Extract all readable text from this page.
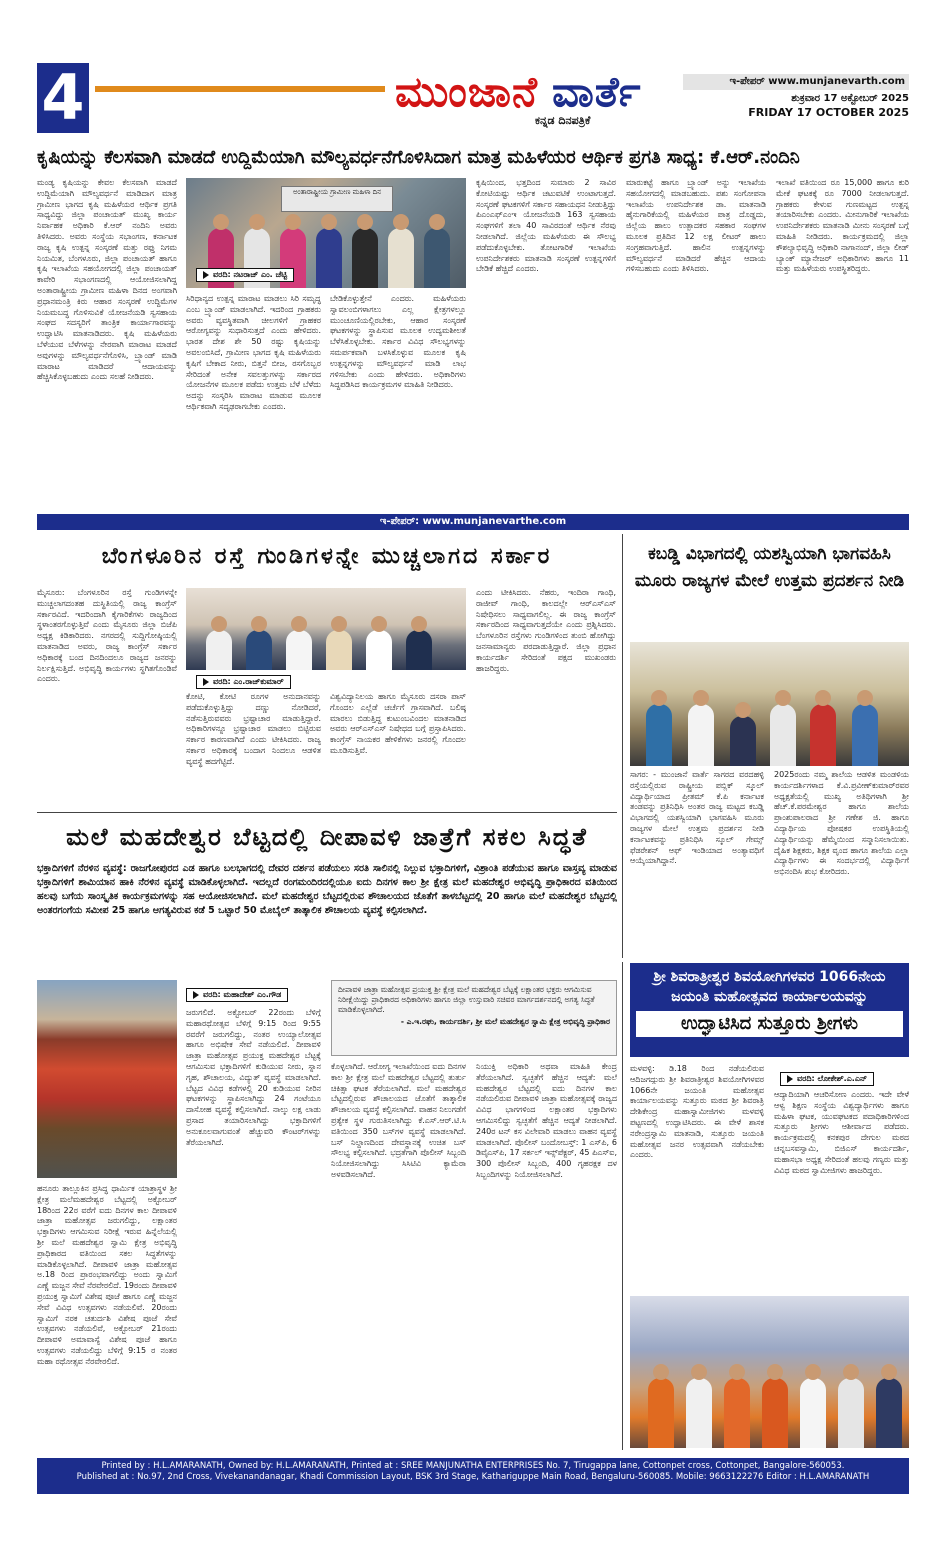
4	ಮುಂಜಾನೆ ವಾರ್ತೆ
ಕನ್ನಡ ದಿನಪತ್ರಿಕೆ
ಇ-ಪೇಪರ್ www.munjanevarth.com
ಶುಕ್ರವಾರ 17 ಅಕ್ಟೋಬರ್ 2025
FRIDAY 17 OCTOBER 2025
ಕೃಷಿಯನ್ನು ಕೆಲಸವಾಗಿ ಮಾಡದೆ ಉದ್ದಿಮೆಯಾಗಿ ಮೌಲ್ಯವರ್ಧನೆಗೊಳಿಸಿದಾಗ ಮಾತ್ರ ಮಹಿಳೆಯರ ಆರ್ಥಿಕ ಪ್ರಗತಿ ಸಾಧ್ಯ: ಕೆ.ಆರ್.ನಂದಿನಿ
ಮಂಡ್ಯ ಕೃಷಿಯನ್ನು ಕೇವಲ ಕೆಲಸವಾಗಿ ಮಾಡದೆ ಉದ್ದಿಮೆಯಾಗಿ ಮೌಲ್ಯವರ್ಧನೆ ಮಾಡಿದಾಗ ಮಾತ್ರ ಗ್ರಾಮೀಣ ಭಾಗದ ಕೃಷಿ ಮಹಿಳೆಯರ ಆರ್ಥಿಕ ಪ್ರಗತಿ ಸಾಧ್ಯವಿದ್ದು ಜಿಲ್ಲಾ ಪಂಚಾಯತ್ ಮುಖ್ಯ ಕಾರ್ಯ ನಿರ್ವಾಹಕ ಅಧಿಕಾರಿ ಕೆ.ಆರ್ ನಂದಿನಿ ಅವರು ತಿಳಿಸಿದರು. ಅವರು ಸಂಸ್ಥೆಯ ಸಭಾಂಗಣ, ಕರ್ನಾಟಕ ರಾಜ್ಯ ಕೃಷಿ ಉತ್ಪನ್ನ ಸಂಸ್ಕರಣೆ ಮತ್ತು ರಫ್ತು ನಿಗಮ ನಿಯಮಿತ, ಬೆಂಗಳೂರು, ಜಿಲ್ಲಾ ಪಂಚಾಯತ್ ಹಾಗೂ ಕೃಷಿ ಇಲಾಖೆಯ ಸಹಯೋಗದಲ್ಲಿ ಜಿಲ್ಲಾ ಪಂಚಾಯತ್ ಕಾವೇರಿ ಸಭಾಂಗಣದಲ್ಲಿ ಆಯೋಜಿಸಲಾಗಿದ್ದ ಅಂತಾರಾಷ್ಟ್ರೀಯ ಗ್ರಾಮೀಣ ಮಹಿಳಾ ದಿನದ ಅಂಗವಾಗಿ ಪ್ರಧಾನಮಂತ್ರಿ ಕಿರು ಆಹಾರ ಸಂಸ್ಕರಣೆ ಉದ್ದಿಮೆಗಳ ನಿಯಮಬದ್ಧ ಗೊಳಿಸುವಿಕೆ ಯೋಜನೆಯಡಿ ಸ್ವಸಹಾಯ ಸಂಘದ ಸದಸ್ಯರಿಗೆ ತಾಂತ್ರಿಕ ಕಾರ್ಯಾಗಾರವನ್ನು ಉದ್ಘಾಟಿಸಿ ಮಾತನಾಡಿದರು. ಕೃಷಿ ಮಹಿಳೆಯರು ಬೆಳೆಯುವ ಬೆಳೆಗಳನ್ನು ನೇರವಾಗಿ ಮಾರಾಟ ಮಾಡದೆ ಅವುಗಳನ್ನು ಮೌಲ್ಯವರ್ಧನೆಗೊಳಿಸಿ, ಬ್ರ್ಯಾಂಡ್ ಮಾಡಿ ಮಾರಾಟ ಮಾಡಿದರೆ ಆದಾಯವನ್ನು ಹೆಚ್ಚಿಸಿಕೊಳ್ಳಬಹುದು ಎಂದು ಸಲಹೆ ನೀಡಿದರು.
ಅಂತಾರಾಷ್ಟ್ರೀಯ ಗ್ರಾಮೀಣ ಮಹಿಳಾ ದಿನ
ವರದಿ: ನಟರಾಜ್ ಎಂ. ಚೆಟ್ಟಿ
ಸಿರಿಧಾನ್ಯದ ಉತ್ಪನ್ನ ಮಾರಾಟ ಮಾಡಲು ಸಿರಿ ಸಮೃದ್ಧ ಎಂಬ ಬ್ರ್ಯಾಂಡ್ ಮಾಡಲಾಗಿದೆ. ಇದರಿಂದ ಗ್ರಾಹಕರು ಅವರು ವ್ಯವಸ್ಥಿತವಾಗಿ ಚೀಲಗಳಿಗೆ ಗ್ರಾಹಕರ ಆರೋಗ್ಯವನ್ನು ಸುಧಾರಿಸುತ್ತದೆ ಎಂದು ಹೇಳಿದರು. ಭಾರತ ದೇಶ ಶೇ 50 ರಷ್ಟು ಕೃಷಿಯನ್ನು ಅವಲಂಬಿಸಿದೆ, ಗ್ರಾಮೀಣ ಭಾಗದ ಕೃಷಿ ಮಹಿಳೆಯರು ಕೃಷಿಗೆ ಬೇಕಾದ ನೀರು, ಬಿತ್ತನೆ ಬೀಜ, ರಸಗೊಬ್ಬರ ಸೇರಿದಂತೆ ಅನೇಕ ಸವಲತ್ತುಗಳನ್ನು ಸರ್ಕಾರದ ಯೋಜನೆಗಳ ಮೂಲಕ ಪಡೆದು ಉತ್ತಮ ಬೆಳೆ ಬೆಳೆದು ಅದನ್ನು ಸಂಸ್ಕರಿಸಿ ಮಾರಾಟ ಮಾಡುವ ಮೂಲಕ ಆರ್ಥಿಕವಾಗಿ ಸದೃಢರಾಗಬೇಕು ಎಂದರು.
ಬೇಡಿಕೊಳ್ಳುತ್ತೇನೆ ಎಂದರು. ಮಹಿಳೆಯರು ಸ್ವಾವಲಂಬಿಗಳಾಗಲು ಎಲ್ಲ ಕ್ಷೇತ್ರಗಳಲ್ಲೂ ಮುಂಚೂಣಿಯಲ್ಲಿರಬೇಕು, ಆಹಾರ ಸಂಸ್ಕರಣೆ ಘಟಕಗಳನ್ನು ಸ್ಥಾಪಿಸುವ ಮೂಲಕ ಉದ್ಯಮಶೀಲತೆ ಬೆಳೆಸಿಕೊಳ್ಳಬೇಕು. ಸರ್ಕಾರ ವಿವಿಧ ಸೌಲಭ್ಯಗಳನ್ನು ಸಮರ್ಪಕವಾಗಿ ಬಳಸಿಕೊಳ್ಳುವ ಮೂಲಕ ಕೃಷಿ ಉತ್ಪನ್ನಗಳನ್ನು ಮೌಲ್ಯವರ್ಧನೆ ಮಾಡಿ ಲಾಭ ಗಳಿಸಬೇಕು ಎಂದು ಹೇಳಿದರು. ಅಧಿಕಾರಿಗಳು ಸಿದ್ದಪಡಿಸಿದ ಕಾರ್ಯಕ್ರಮಗಳ ಮಾಹಿತಿ ನೀಡಿದರು.
ಕೃಷಿಯಿಂದ, ಭತ್ತದಿಂದ ಸುಮಾರು 2 ಸಾವಿರ ಕೋಟಿಯಷ್ಟು ಆರ್ಥಿಕ ಚಟುವಟಿಕೆ ಉಂಟಾಗುತ್ತದೆ. ಸಂಸ್ಕರಣೆ ಘಟಕಗಳಿಗೆ ಸರ್ಕಾರ ಸಹಾಯಧನ ನೀಡುತ್ತಿದ್ದು ಪಿಎಂಎಫ್‌ಎಂಇ ಯೋಜನೆಯಡಿ 163 ಸ್ವಸಹಾಯ ಸಂಘಗಳಿಗೆ ತಲಾ 40 ಸಾವಿರದಂತೆ ಆರ್ಥಿಕ ನೆರವು ನೀಡಲಾಗಿದೆ. ಜಿಲ್ಲೆಯ ಮಹಿಳೆಯರು ಈ ಸೌಲಭ್ಯ ಪಡೆದುಕೊಳ್ಳಬೇಕು. ತೋಟಗಾರಿಕೆ ಇಲಾಖೆಯ ಉಪನಿರ್ದೇಶಕರು ಮಾತನಾಡಿ ಸಂಸ್ಕರಣೆ ಉತ್ಪನ್ನಗಳಿಗೆ ಬೇಡಿಕೆ ಹೆಚ್ಚಿದೆ ಎಂದರು.
ಮಾರುಕಟ್ಟೆ ಹಾಗೂ ಬ್ರ್ಯಾಂಡ್ ಅನ್ನು ಇಲಾಖೆಯ ಸಹಯೋಗದಲ್ಲಿ ಮಾಡಬಹುದು. ಪಶು ಸಂಗೋಪನಾ ಇಲಾಖೆಯ ಉಪನಿರ್ದೇಶಕ ಡಾ. ಮಾತನಾಡಿ ಹೈನುಗಾರಿಕೆಯಲ್ಲಿ ಮಹಿಳೆಯರ ಪಾತ್ರ ದೊಡ್ಡದು, ಜಿಲ್ಲೆಯ ಹಾಲು ಉತ್ಪಾದಕರ ಸಹಕಾರ ಸಂಘಗಳ ಮೂಲಕ ಪ್ರತಿದಿನ 12 ಲಕ್ಷ ಲೀಟರ್ ಹಾಲು ಸಂಗ್ರಹವಾಗುತ್ತಿದೆ. ಹಾಲಿನ ಉತ್ಪನ್ನಗಳನ್ನು ಮೌಲ್ಯವರ್ಧನೆ ಮಾಡಿದರೆ ಹೆಚ್ಚಿನ ಆದಾಯ ಗಳಿಸಬಹುದು ಎಂದು ತಿಳಿಸಿದರು.
ಇಲಾಖೆ ವತಿಯಿಂದ ರೂ 15,000 ಹಾಗೂ ಕುರಿ ಮೇಕೆ ಘಟಕಕ್ಕೆ ರೂ 7000 ನೀಡಲಾಗುತ್ತದೆ. ಗ್ರಾಹಕರು ಕೇಳುವ ಗುಣಮಟ್ಟದ ಉತ್ಪನ್ನ ತಯಾರಿಸಬೇಕು ಎಂದರು. ಮೀನುಗಾರಿಕೆ ಇಲಾಖೆಯ ಉಪನಿರ್ದೇಶಕರು ಮಾತನಾಡಿ ಮೀನು ಸಂಸ್ಕರಣೆ ಬಗ್ಗೆ ಮಾಹಿತಿ ನೀಡಿದರು. ಕಾರ್ಯಕ್ರಮದಲ್ಲಿ ಜಿಲ್ಲಾ ಕೌಶಲ್ಯಾಭಿವೃದ್ಧಿ ಅಧಿಕಾರಿ ನಾಗಾನಂದ್, ಜಿಲ್ಲಾ ಲೀಡ್ ಬ್ಯಾಂಕ್ ಮ್ಯಾನೇಜರ್ ಅಧಿಕಾರಿಗಳು ಹಾಗೂ 11 ಮತ್ತು ಮಹಿಳೆಯರು ಉಪಸ್ಥಿತರಿದ್ದರು.
ಇ-ಪೇಪರ್: www.munjanevarthe.com
ಬೆಂಗಳೂರಿನ ರಸ್ತೆ ಗುಂಡಿಗಳನ್ನೇ ಮುಚ್ಚಲಾಗದ ಸರ್ಕಾರ
ಮೈಸೂರು: ಬೆಂಗಳೂರಿನ ರಸ್ತೆ ಗುಂಡಿಗಳನ್ನೇ ಮುಚ್ಚಲಾಗದಂತಹ ದುಸ್ಥಿತಿಯಲ್ಲಿ ರಾಜ್ಯ ಕಾಂಗ್ರೆಸ್ ಸರ್ಕಾರವಿದೆ. ಇದರಿಂದಾಗಿ ಕೈಗಾರಿಕೆಗಳು ರಾಜ್ಯದಿಂದ ಸ್ಥಳಾಂತರಗೊಳ್ಳುತ್ತಿವೆ ಎಂದು ಮೈಸೂರು ಜಿಲ್ಲಾ ಬಿಜೆಪಿ ಅಧ್ಯಕ್ಷ ಕಿಡಿಕಾರಿದರು. ನಗರದಲ್ಲಿ ಸುದ್ದಿಗೋಷ್ಠಿಯಲ್ಲಿ ಮಾತನಾಡಿದ ಅವರು, ರಾಜ್ಯ ಕಾಂಗ್ರೆಸ್ ಸರ್ಕಾರ ಅಧಿಕಾರಕ್ಕೆ ಬಂದ ದಿನದಿಂದಲೂ ರಾಜ್ಯದ ಜನರನ್ನು ನಿರ್ಲಕ್ಷಿಸುತ್ತಿದೆ. ಅಭಿವೃದ್ಧಿ ಕಾರ್ಯಗಳು ಸ್ಥಗಿತಗೊಂಡಿವೆ ಎಂದರು.	ವರದಿ: ಎಂ.ರಾಜ್‌ಕುಮಾರ್
ಕೋಟಿ, ಕೋಟಿ ರೂಗಳ ಅನುದಾನವನ್ನು ಪಡೆದುಕೊಳ್ಳುತ್ತಿದ್ದು ದಣ್ಣು ನೋಡಿದರೆ, ನಡೆಸುತ್ತಿರುವವರು ಭ್ರಷ್ಟಾಚಾರ ಮಾಡುತ್ತಿದ್ದಾರೆ. ಅಧಿಕಾರಿಗಳನ್ನೂ ಭ್ರಷ್ಟಾಚಾರ ಮಾಡಲು ಬಿಟ್ಟಿರುವ ಸರ್ಕಾರ ಕಾರಣವಾಗಿದೆ ಎಂದು ಟೀಕಿಸಿದರು. ರಾಜ್ಯ ಸರ್ಕಾರ ಅಧಿಕಾರಕ್ಕೆ ಬಂದಾಗ ನಿಂದಲೂ ಆಡಳಿತ ವ್ಯವಸ್ಥೆ ಹದಗೆಟ್ಟಿದೆ.
ವಿಶ್ವವಿದ್ಯಾನಿಲಯ ಹಾಗೂ ಮೈಸೂರು ದಸರಾ ಪಾಸ್ ಗೊಂದಲ ಎಲ್ಲೆಡೆ ಚರ್ಚೆಗೆ ಗ್ರಾಸವಾಗಿದೆ. ಬಲಿಷ್ಠ ಮಾರಲು ಬಿಡುತ್ತಿದ್ದ ಕುಟುಂಬವಿಂದಲ ಮಾತನಾಡಿದ ಅವರು ಆರ್‌ಎಸ್‌ಎಸ್ ನಿಷೇಧದ ಬಗ್ಗೆ ಪ್ರಸ್ತಾಪಿಸಿದರು. ಕಾಂಗ್ರೆಸ್ ನಾಯಕರ ಹೇಳಿಕೆಗಳು ಜನರಲ್ಲಿ ಗೊಂದಲ ಮೂಡಿಸುತ್ತಿವೆ.
ಎಂದು ಟೀಕಿಸಿದರು. ನೆಹರು, ಇಂದಿರಾ ಗಾಂಧಿ, ರಾಜೀವ್ ಗಾಂಧಿ, ಕಾಲದಲ್ಲೇ ಆರ್‌ಎಸ್‌ಎಸ್ ನಿಷೇಧಿಸಲು ಸಾಧ್ಯವಾಗಲಿಲ್ಲ. ಈ ರಾಜ್ಯ ಕಾಂಗ್ರೆಸ್ ಸರ್ಕಾರದಿಂದ ಸಾಧ್ಯವಾಗುತ್ತದೆಯೇ ಎಂದು ಪ್ರಶ್ನಿಸಿದರು. ಬೆಂಗಳೂರಿನ ರಸ್ತೆಗಳು ಗುಂಡಿಗಳಿಂದ ತುಂಬಿ ಹೋಗಿದ್ದು ಜನಸಾಮಾನ್ಯರು ಪರದಾಡುತ್ತಿದ್ದಾರೆ. ಜಿಲ್ಲಾ ಪ್ರಧಾನ ಕಾರ್ಯದರ್ಶಿ ಸೇರಿದಂತೆ ಪಕ್ಷದ ಮುಖಂಡರು ಹಾಜರಿದ್ದರು.
ಕಬಡ್ಡಿ ವಿಭಾಗದಲ್ಲಿ ಯಶಸ್ವಿಯಾಗಿ ಭಾಗವಹಿಸಿ ಮೂರು ರಾಜ್ಯಗಳ ಮೇಲೆ ಉತ್ತಮ ಪ್ರದರ್ಶನ ನೀಡಿ
ಸಾಗರ: - ಮುಂಜಾನೆ ವಾರ್ತೆ ಸಾಗರದ ವರದಹಳ್ಳಿ ರಸ್ತೆಯಲ್ಲಿರುವ ರಾಷ್ಟ್ರೀಯ ಪಬ್ಲಿಕ್ ಸ್ಕೂಲ್ ವಿದ್ಯಾರ್ಥಿಯಾದ ಪ್ರೀತಮ್ ಕೆ.ಪಿ ಕರ್ನಾಟಕ ತಂಡವನ್ನು ಪ್ರತಿನಿಧಿಸಿ ಅಂತರ ರಾಜ್ಯ ಮಟ್ಟದ ಕಬಡ್ಡಿ ವಿಭಾಗದಲ್ಲಿ ಯಶಸ್ವಿಯಾಗಿ ಭಾಗವಹಿಸಿ ಮೂರು ರಾಜ್ಯಗಳ ಮೇಲೆ ಉತ್ತಮ ಪ್ರದರ್ಶನ ನೀಡಿ ಕರ್ನಾಟಕವನ್ನು ಪ್ರತಿನಿಧಿಸಿ ಸ್ಕೂಲ್ ಗೇಮ್ಸ್ ಫೆಡರೇಶನ್ ಆಫ್ ಇಂಡಿಯಾದ ಅಂತ್ಯಾವಧಿಗೆ ಆಯ್ಕೆಯಾಗಿದ್ದಾನೆ.
2025ರಂದು ನಮ್ಮ ಶಾಲೆಯ ಆಡಳಿತ ಮಂಡಳಿಯ ಕಾರ್ಯದರ್ಶಿಗಳಾದ ಕೆ.ವಿ.ಪ್ರವೀಣ್‌ಕುಮಾರ್‌ರವರ ಅಧ್ಯಕ್ಷತೆಯಲ್ಲಿ ಮುಖ್ಯ ಅತಿಥಿಗಳಾಗಿ ಶ್ರೀ ಹೆಚ್.ಕೆ.ಪರಮೇಶ್ವರ ಹಾಗೂ ಶಾಲೆಯ ಪ್ರಾಂಶುಪಾಲರಾದ ಶ್ರೀ ಗಣೇಶ ಜಿ. ಹಾಗೂ ವಿದ್ಯಾರ್ಥಿಯ ಪೋಷಕರ ಉಪಸ್ಥಿತಿಯಲ್ಲಿ ವಿದ್ಯಾರ್ಥಿಯನ್ನು ಹೆಮ್ಮೆಯಿಂದ ಸನ್ಮಾನಿಸಲಾಯಿತು. ದೈಹಿಕ ಶಿಕ್ಷಕರು, ಶಿಕ್ಷಕ ವೃಂದ ಹಾಗೂ ಶಾಲೆಯ ಎಲ್ಲಾ ವಿದ್ಯಾರ್ಥಿಗಳು ಈ ಸಂದರ್ಭದಲ್ಲಿ ವಿದ್ಯಾರ್ಥಿಗೆ ಅಭಿನಂದಿಸಿ ಶುಭ ಕೋರಿದರು.
ಮಲೆ ಮಹದೇಶ್ವರ ಬೆಟ್ಟದಲ್ಲಿ ದೀಪಾವಳಿ ಜಾತ್ರೆಗೆ ಸಕಲ ಸಿದ್ಧತೆ
ಭಕ್ತಾದಿಗಳಿಗೆ ನೆರಳಿನ ವ್ಯವಸ್ಥೆ: ರಾಜಗೋಪುರದ ಎಡ ಹಾಗೂ ಬಲಭಾಗದಲ್ಲಿ ದೇವರ ದರ್ಶನ ಪಡೆಯಲು ಸರತಿ ಸಾಲಿನಲ್ಲಿ ನಿಲ್ಲುವ ಭಕ್ತಾದಿಗಳಿಗೆ, ವಿಶ್ರಾಂತಿ ಪಡೆಯುವ ಹಾಗೂ ವಾಸ್ತವ್ಯ ಮಾಡುವ ಭಕ್ತಾದಿಗಳಿಗೆ ಶಾಮಿಯಾನ ಹಾಕಿ ನೆರಳಿನ ವ್ಯವಸ್ಥೆ ಮಾಡಿಕೊಳ್ಳಲಾಗಿದೆ. ಇದಲ್ಲದೆ ರಂಗಮಂದಿರದಲ್ಲಿಯೂ ಐದು ದಿನಗಳ ಕಾಲ ಶ್ರೀ ಕ್ಷೇತ್ರ ಮಲೆ ಮಹದೇಶ್ವರ ಅಭಿವೃದ್ಧಿ ಪ್ರಾಧಿಕಾರದ ವತಿಯಿಂದ ಹಲವು ಬಗೆಯ ಸಾಂಸ್ಕೃತಿಕ ಕಾರ್ಯಕ್ರಮಗಳನ್ನು ಸಹ ಆಯೋಜಿಸಲಾಗಿದೆ. ಮಲೆ ಮಹದೇಶ್ವರ ಬೆಟ್ಟದಲ್ಲಿರುವ ಶೌಚಾಲಯದ ಜೊತೆಗೆ ತಾಳಬೆಟ್ಟದಲ್ಲಿ 20 ಹಾಗೂ ಮಲೆ ಮಹದೇಶ್ವರ ಬೆಟ್ಟದಲ್ಲಿ ಅಂತರಗಂಗೆಯ ಸಮೀಪ 25 ಹಾಗೂ ಆಗತ್ಯವಿರುವ ಕಡೆ 5 ಒಟ್ಟಾರೆ 50 ಮೊಬೈಲ್ ತಾತ್ಕಾಲಿಕ ಶೌಚಾಲಯ ವ್ಯವಸ್ಥೆ ಕಲ್ಪಿಸಲಾಗಿದೆ.
ಹನೂರು ತಾಲ್ಲೂಕಿನ ಪ್ರಸಿದ್ಧ ಧಾರ್ಮಿಕ ಯಾತ್ರಾಸ್ಥಳ ಶ್ರೀ ಕ್ಷೇತ್ರ ಮಲೆಮಹದೇಶ್ವರ ಬೆಟ್ಟದಲ್ಲಿ ಅಕ್ಟೋಬರ್ 18ರಿಂದ 22ರ ವರೆಗೆ ಐದು ದಿನಗಳ ಕಾಲ ದೀಪಾವಳಿ ಜಾತ್ರಾ ಮಹೋತ್ಸವ ಜರುಗಲಿದ್ದು, ಲಕ್ಷಾಂತರ ಭಕ್ತಾದಿಗಳು ಆಗಮಿಸುವ ನಿರೀಕ್ಷೆ ಇರುವ ಹಿನ್ನೆಲೆಯಲ್ಲಿ ಶ್ರೀ ಮಲೆ ಮಹದೇಶ್ವರ ಸ್ವಾಮಿ ಕ್ಷೇತ್ರ ಅಭಿವೃದ್ಧಿ ಪ್ರಾಧಿಕಾರದ ವತಿಯಿಂದ ಸಕಲ ಸಿದ್ಧತೆಗಳನ್ನು ಮಾಡಿಕೊಳ್ಳಲಾಗಿದೆ. ದೀಪಾವಳಿ ಜಾತ್ರಾ ಮಹೋತ್ಸವ ಅ.18 ರಿಂದ ಪ್ರಾರಂಭವಾಗಲಿದ್ದು ಅಂದು ಸ್ವಾಮಿಗೆ ಎಣ್ಣೆ ಮಜ್ಜನ ಸೇವೆ ನೆರವೇರಲಿದೆ. 19ರಂದು ದೀಪಾವಳಿ ಪ್ರಯುಕ್ತ ಸ್ವಾಮಿಗೆ ವಿಶೇಷ ಪೂಜೆ ಹಾಗೂ ಎಣ್ಣೆ ಮಜ್ಜನ ಸೇವೆ ವಿವಿಧ ಉತ್ಸವಗಳು ನಡೆಯಲಿವೆ. 20ರಂದು ಸ್ವಾಮಿಗೆ ನರಕ ಚತುರ್ದಶಿ ವಿಶೇಷ ಪೂಜೆ ಸೇವೆ ಉತ್ಸವಗಳು ನಡೆಯಲಿವೆ, ಅಕ್ಟೋಬರ್ 21ರಂದು ದೀಪಾವಳಿ ಅಮಾವಾಸ್ಯೆ ವಿಶೇಷ ಪೂಜೆ ಹಾಗೂ ಉತ್ಸವಗಳು ನಡೆಯಲಿದ್ದು ಬೆಳಿಗ್ಗೆ 9:15 ರ ನಂತರ ಮಹಾ ರಥೋತ್ಸವ ನೆರವೇರಲಿದೆ.
ದೀಪಾವಳಿ ಜಾತ್ರಾ ಮಹೋತ್ಸವ ಪ್ರಯುಕ್ತ ಶ್ರೀ ಕ್ಷೇತ್ರ ಮಲೆ ಮಹದೇಶ್ವರ ಬೆಟ್ಟಕ್ಕೆ ಲಕ್ಷಾಂತರ ಭಕ್ತರು ಆಗಮಿಸುವ ನಿರೀಕ್ಷೆಯಿದ್ದು ಪ್ರಾಧಿಕಾರದ ಅಧಿಕಾರಿಗಳು ಹಾಗೂ ಜಿಲ್ಲಾ ಉಸ್ತುವಾರಿ ಸಚಿವರ ಮಾರ್ಗದರ್ಶನದಲ್ಲಿ ಅಗತ್ಯ ಸಿದ್ಧತೆ ಮಾಡಿಕೊಳ್ಳಲಾಗಿದೆ.
- ಎ.ಇ.ರಘು, ಕಾರ್ಯದರ್ಶಿ, ಶ್ರೀ ಮಲೆ ಮಹದೇಶ್ವರ ಸ್ವಾಮಿ ಕ್ಷೇತ್ರ ಅಭಿವೃದ್ಧಿ ಪ್ರಾಧಿಕಾರ
ವರದಿ: ಮಹಾದೇಶ್ ಎಂ.ಗೌಡ
ಜರುಗಲಿದೆ. ಅಕ್ಟೋಬರ್ 22ರಂದು ಬೆಳಿಗ್ಗೆ ಮಹಾರಥೋತ್ಸವ ಬೆಳಿಗ್ಗೆ 9:15 ರಿಂದ 9:55 ರವರೆಗೆ ಜರುಗಲಿದ್ದು, ನಂತರ ಉಯ್ಯಾಲೋತ್ಸವ ಹಾಗೂ ಅಭಿಷೇಕ ಸೇವೆ ನಡೆಯಲಿದೆ. ದೀಪಾವಳಿ ಜಾತ್ರಾ ಮಹೋತ್ಸವ ಪ್ರಯುಕ್ತ ಮಹದೇಶ್ವರ ಬೆಟ್ಟಕ್ಕೆ ಆಗಮಿಸುವ ಭಕ್ತಾದಿಗಳಿಗೆ ಕುಡಿಯುವ ನೀರು, ಸ್ನಾನ ಗೃಹ, ಶೌಚಾಲಯ, ವಿದ್ಯುತ್ ವ್ಯವಸ್ಥೆ ಮಾಡಲಾಗಿದೆ. ಬೆಟ್ಟದ ವಿವಿಧ ಕಡೆಗಳಲ್ಲಿ 20 ಕುಡಿಯುವ ನೀರಿನ ಘಟಕಗಳನ್ನು ಸ್ಥಾಪಿಸಲಾಗಿದ್ದು 24 ಗಂಟೆಯೂ ದಾಸೋಹ ವ್ಯವಸ್ಥೆ ಕಲ್ಪಿಸಲಾಗಿದೆ. ನಾಲ್ಕು ಲಕ್ಷ ಲಾಡು ಪ್ರಸಾದ ತಯಾರಿಸಲಾಗಿದ್ದು ಭಕ್ತಾದಿಗಳಿಗೆ ಅನುಕೂಲವಾಗುವಂತೆ ಹೆಚ್ಚುವರಿ ಕೌಂಟರ್‌ಗಳನ್ನು ತೆರೆಯಲಾಗಿದೆ.
ಕೊಳ್ಳಲಾಗಿದೆ. ಆರೋಗ್ಯ ಇಲಾಖೆಯಿಂದ ಐದು ದಿನಗಳ ಕಾಲ ಶ್ರೀ ಕ್ಷೇತ್ರ ಮಲೆ ಮಹದೇಶ್ವರ ಬೆಟ್ಟದಲ್ಲಿ ತುರ್ತು ಚಿಕಿತ್ಸಾ ಘಟಕ ತೆರೆಯಲಾಗಿದೆ. ಮಲೆ ಮಹದೇಶ್ವರ ಬೆಟ್ಟದಲ್ಲಿರುವ ಶೌಚಾಲಯದ ಜೊತೆಗೆ ತಾತ್ಕಾಲಿಕ ಶೌಚಾಲಯ ವ್ಯವಸ್ಥೆ ಕಲ್ಪಿಸಲಾಗಿದೆ. ವಾಹನ ನಿಲುಗಡೆಗೆ ಪ್ರತ್ಯೇಕ ಸ್ಥಳ ಗುರುತಿಸಲಾಗಿದ್ದು ಕೆ.ಎಸ್.ಆರ್.ಟಿ.ಸಿ ವತಿಯಿಂದ 350 ಬಸ್‌ಗಳ ವ್ಯವಸ್ಥೆ ಮಾಡಲಾಗಿದೆ. ಬಸ್ ನಿಲ್ದಾಣದಿಂದ ದೇವಸ್ಥಾನಕ್ಕೆ ಉಚಿತ ಬಸ್ ಸೌಲಭ್ಯ ಕಲ್ಪಿಸಲಾಗಿದೆ. ಭದ್ರತೆಗಾಗಿ ಪೊಲೀಸ್ ಸಿಬ್ಬಂದಿ ನಿಯೋಜಿಸಲಾಗಿದ್ದು ಸಿಸಿಟಿವಿ ಕ್ಯಾಮೆರಾ ಅಳವಡಿಸಲಾಗಿದೆ.
ನಿಯುಕ್ತಿ ಅಧಿಕಾರಿ ಅಥವಾ ಮಾಹಿತಿ ಕೇಂದ್ರ ತೆರೆಯಲಾಗಿದೆ. ಸ್ವಚ್ಛತೆಗೆ ಹೆಚ್ಚಿನ ಆದ್ಯತೆ: ಮಲೆ ಮಹದೇಶ್ವರ ಬೆಟ್ಟದಲ್ಲಿ ಐದು ದಿನಗಳ ಕಾಲ ನಡೆಯಲಿರುವ ದೀಪಾವಳಿ ಜಾತ್ರಾ ಮಹೋತ್ಸವಕ್ಕೆ ರಾಜ್ಯದ ವಿವಿಧ ಭಾಗಗಳಿಂದ ಲಕ್ಷಾಂತರ ಭಕ್ತಾದಿಗಳು ಆಗಮಿಸಲಿದ್ದು ಸ್ವಚ್ಛತೆಗೆ ಹೆಚ್ಚಿನ ಆದ್ಯತೆ ನೀಡಲಾಗಿದೆ. 240ರ ಟನ್ ಕಸ ವಿಲೇವಾರಿ ಮಾಡಲು ವಾಹನ ವ್ಯವಸ್ಥೆ ಮಾಡಲಾಗಿದೆ. ಪೊಲೀಸ್ ಬಂದೋಬಸ್ತ್: 1 ಎಸ್‌ಪಿ, 6 ಡಿವೈಎಸ್‌ಪಿ, 17 ಸರ್ಕಲ್ ಇನ್ಸ್‌ಪೆಕ್ಟರ್, 45 ಪಿಎಸ್‌ಐ, 300 ಪೊಲೀಸ್ ಸಿಬ್ಬಂದಿ, 400 ಗೃಹರಕ್ಷಕ ದಳ ಸಿಬ್ಬಂದಿಗಳನ್ನು ನಿಯೋಜಿಸಲಾಗಿದೆ.
ಶ್ರೀ ಶಿವರಾತ್ರೀಶ್ವರ ಶಿವಯೋಗಿಗಳವರ 1066ನೇಯ
ಜಯಂತಿ ಮಹೋತ್ಸವದ ಕಾರ್ಯಾಲಯವನ್ನು
ಉದ್ಘಾಟಿಸಿದ ಸುತ್ತೂರು ಶ್ರೀಗಳು
ಮಳವಳ್ಳಿ: ಡಿ.18 ರಿಂದ ನಡೆಯಲಿರುವ ಆದಿಜಗದ್ಗುರು ಶ್ರೀ ಶಿವರಾತ್ರೀಶ್ವರ ಶಿವಯೋಗಿಗಳವರ 1066ನೇ ಜಯಂತಿ ಮಹೋತ್ಸವ ಕಾರ್ಯಾಲಯವನ್ನು ಸುತ್ತೂರು ಮಠದ ಶ್ರೀ ಶಿವರಾತ್ರಿ ದೇಶಿಕೇಂದ್ರ ಮಹಾಸ್ವಾಮೀಜಿಗಳು ಮಳವಳ್ಳಿ ಪಟ್ಟಣದಲ್ಲಿ ಉದ್ಘಾಟಿಸಿದರು. ಈ ವೇಳೆ ಶಾಸಕ ನರೇಂದ್ರಸ್ವಾಮಿ ಮಾತನಾಡಿ, ಸುತ್ತೂರು ಜಯಂತಿ ಮಹೋತ್ಸವ ಜನರ ಉತ್ಸವವಾಗಿ ನಡೆಯಬೇಕು ಎಂದರು.
ವರದಿ: ಲೋಕೇಶ್.ಎ.ಎನ್
ಆದ್ಯಾದಿಯಾಗಿ ಆಚರಿಸೋಣ ಎಂದರು. ಇದೇ ವೇಳೆ ಆಳ್ವ ಶಿಕ್ಷಣ ಸಂಸ್ಥೆಯ ವಿಶ್ವದ್ಯಾರ್ಥಿಗಳು ಹಾಗೂ ಮಹಿಳಾ ಘಟಕ, ಯುವಘಟಕದ ಪದಾಧಿಕಾರಿಗಳಿಂದ ಸುತ್ತೂರು ಶ್ರೀಗಳು ಆಶೀರ್ವಾದ ಪಡೆದರು. ಕಾರ್ಯಕ್ರಮದಲ್ಲಿ ಕನಕಪುರ ದೇಗುಲ ಮಠದ ಚನ್ನಬಸವಸ್ವಾಮಿ, ಬಿಜಿಎಸ್ ಕಾರ್ಯದರ್ಶಿ, ಮಹಾಸಭಾ ಅಧ್ಯಕ್ಷ ಸೇರಿದಂತೆ ಹಲವು ಗಣ್ಯರು ಮತ್ತು ವಿವಿಧ ಮಠದ ಸ್ವಾಮೀಜಿಗಳು ಹಾಜರಿದ್ದರು.
Printed by : H.L.AMARANATH, Owned by: H.L.AMARANATH, Printed at : SREE MANJUNATHA ENTERPRISES No. 7, Tirugappa lane, Cottonpet cross, Cottonpet, Bangalore-560053.
Published at : No.97, 2nd Cross, Vivekanandanagar, Khadi Commission Layout, BSK 3rd Stage, Katharigupp​e Main Road, Bengaluru-560085. Mobile: 9663122276 Editor : H.L.AMARANATH
